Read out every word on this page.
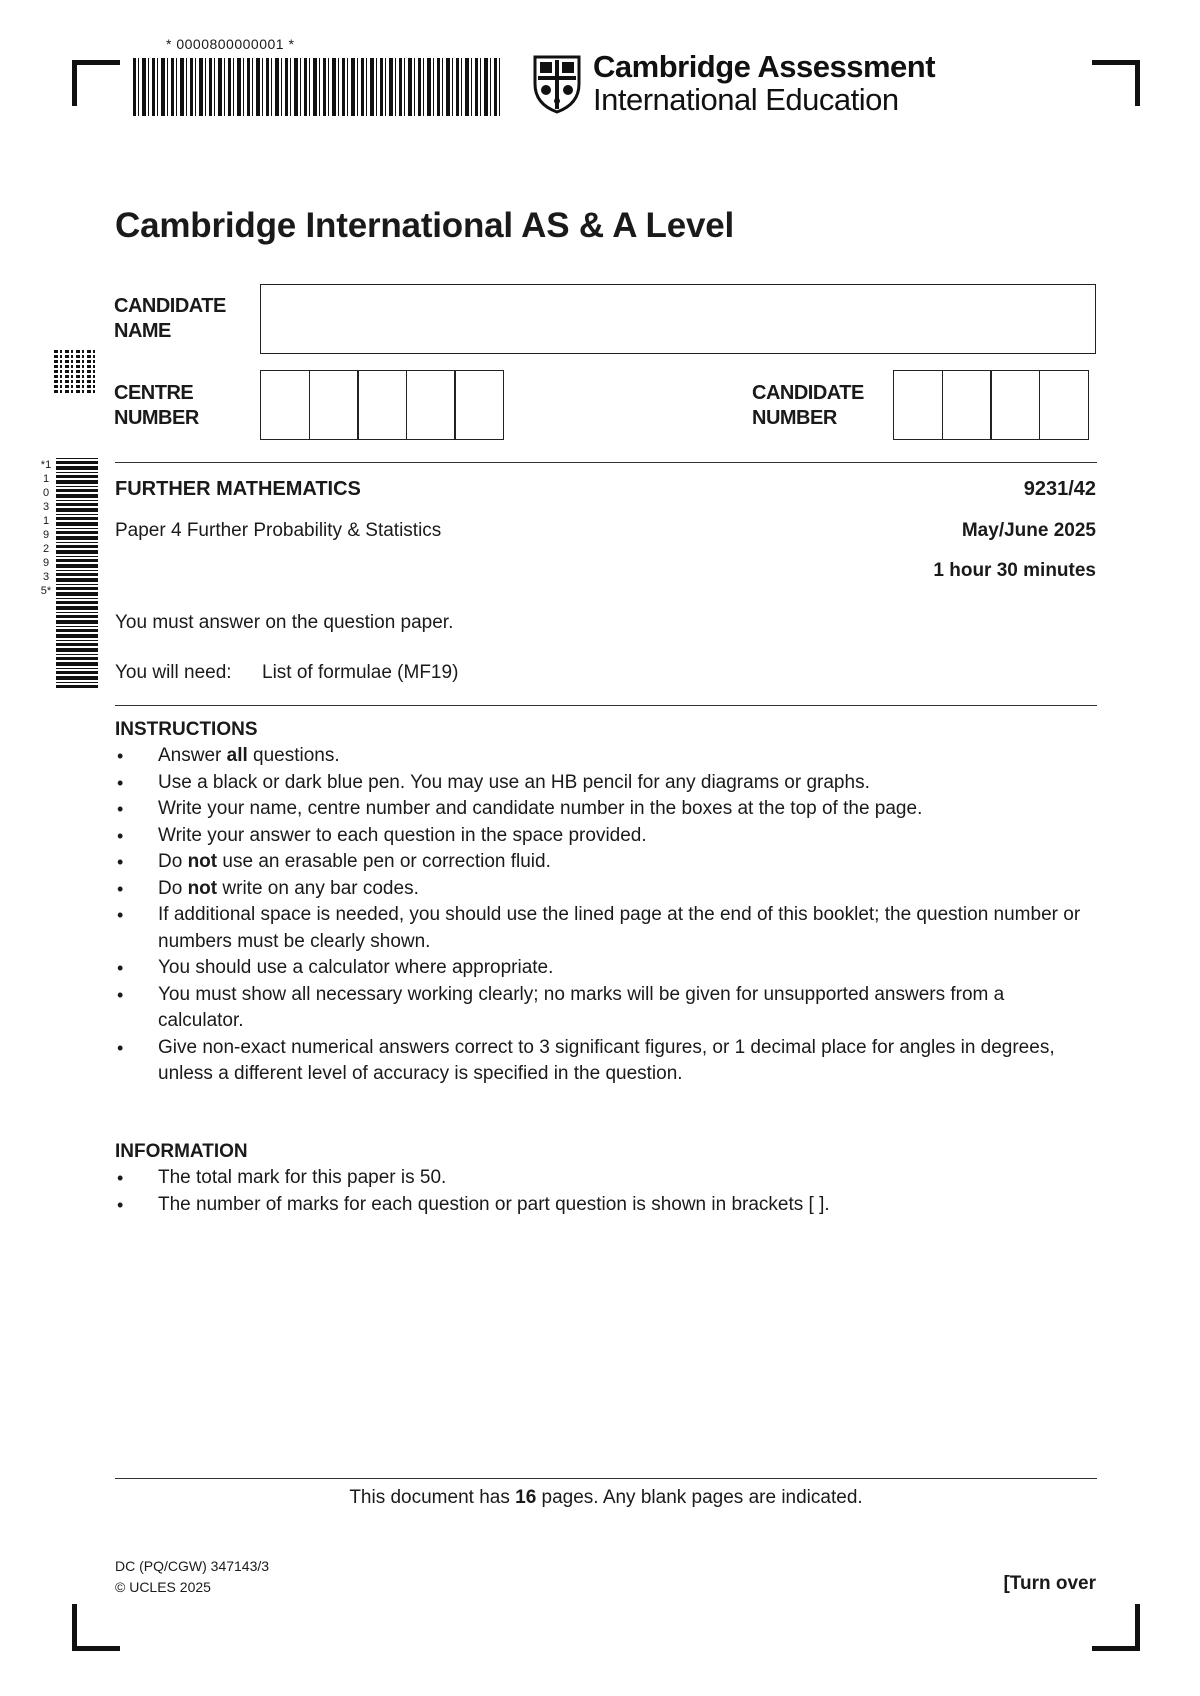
* 0000800000001 *
Cambridge Assessment
International Education
Cambridge International AS & A Level
CANDIDATE
NAME
CENTRE
NUMBER
CANDIDATE
NUMBER
*1103192935*
FURTHER MATHEMATICS	9231/42
Paper 4 Further Probability & Statistics	May/June 2025
1 hour 30 minutes
You must answer on the question paper.
You will need: List of formulae (MF19)
INSTRUCTIONS
• Answer all questions.
• Use a black or dark blue pen. You may use an HB pencil for any diagrams or graphs.
• Write your name, centre number and candidate number in the boxes at the top of the page.
• Write your answer to each question in the space provided.
• Do not use an erasable pen or correction fluid.
• Do not write on any bar codes.
• If additional space is needed, you should use the lined page at the end of this booklet; the question number or numbers must be clearly shown.
• You should use a calculator where appropriate.
• You must show all necessary working clearly; no marks will be given for unsupported answers from a calculator.
• Give non-exact numerical answers correct to 3 significant figures, or 1 decimal place for angles in degrees, unless a different level of accuracy is specified in the question.
INFORMATION
• The total mark for this paper is 50.
• The number of marks for each question or part question is shown in brackets [ ].
This document has 16 pages. Any blank pages are indicated.
DC (PQ/CGW) 347143/3
© UCLES 2025	[Turn over
